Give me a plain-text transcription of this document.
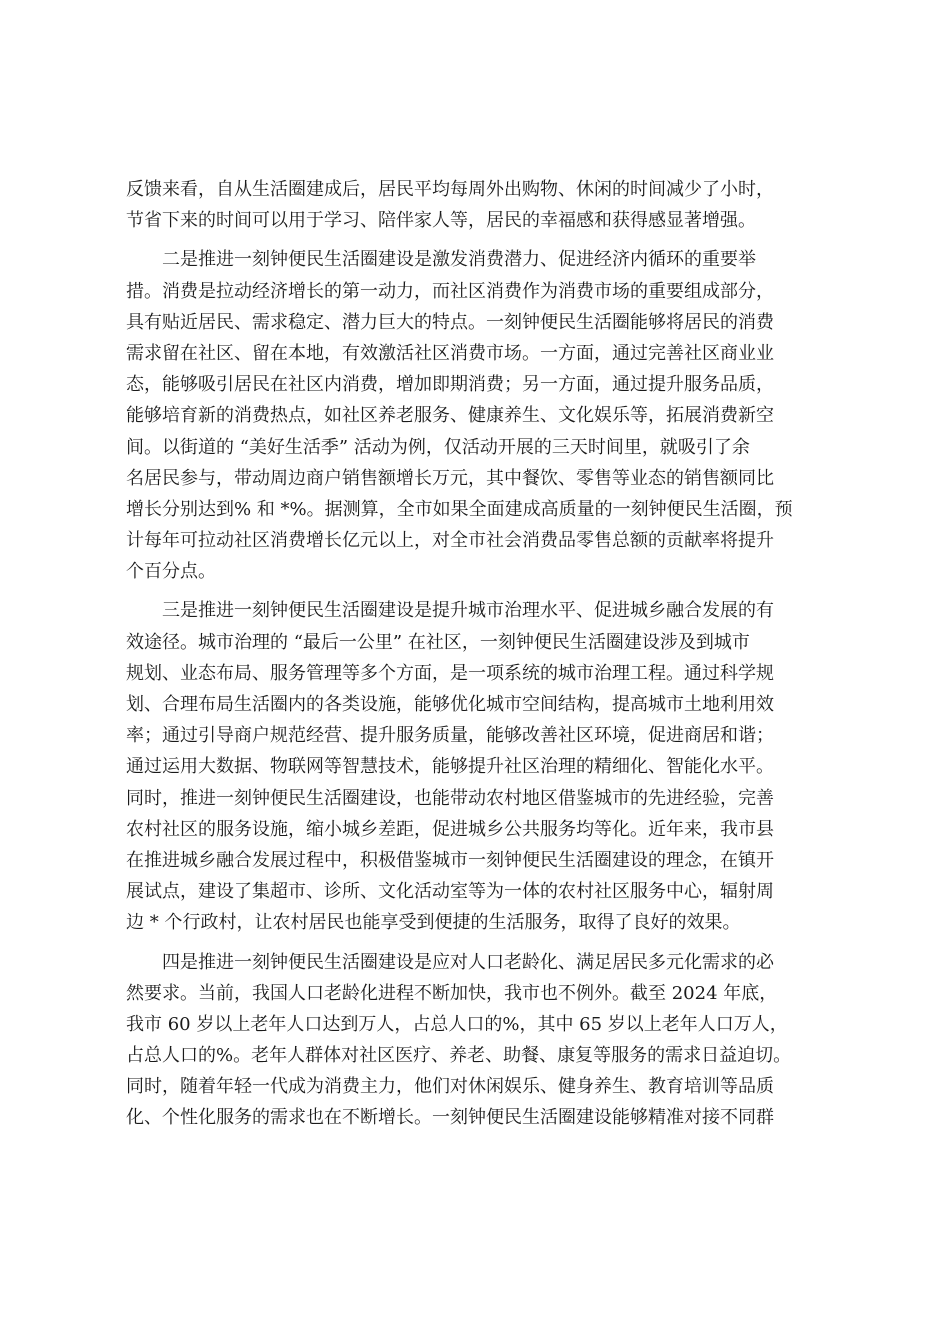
反馈来看，自从生活圈建成后，居民平均每周外出购物、休闲的时间减少了小时，
节省下来的时间可以用于学习、陪伴家人等，居民的幸福感和获得感显著增强。
二是推进一刻钟便民生活圈建设是激发消费潜力、促进经济内循环的重要举
措。消费是拉动经济增长的第一动力，而社区消费作为消费市场的重要组成部分，
具有贴近居民、需求稳定、潜力巨大的特点。一刻钟便民生活圈能够将居民的消费
需求留在社区、留在本地，有效激活社区消费市场。一方面，通过完善社区商业业
态，能够吸引居民在社区内消费，增加即期消费；另一方面，通过提升服务品质，
能够培育新的消费热点，如社区养老服务、健康养生、文化娱乐等，拓展消费新空
间。以街道的 “美好生活季” 活动为例，仅活动开展的三天时间里，就吸引了余
名居民参与，带动周边商户销售额增长万元，其中餐饮、零售等业态的销售额同比
增长分别达到% 和 *%。据测算，全市如果全面建成高质量的一刻钟便民生活圈，预
计每年可拉动社区消费增长亿元以上，对全市社会消费品零售总额的贡献率将提升
个百分点。
三是推进一刻钟便民生活圈建设是提升城市治理水平、促进城乡融合发展的有
效途径。城市治理的 “最后一公里” 在社区，一刻钟便民生活圈建设涉及到城市
规划、业态布局、服务管理等多个方面，是一项系统的城市治理工程。通过科学规
划、合理布局生活圈内的各类设施，能够优化城市空间结构，提高城市土地利用效
率；通过引导商户规范经营、提升服务质量，能够改善社区环境，促进商居和谐；
通过运用大数据、物联网等智慧技术，能够提升社区治理的精细化、智能化水平。
同时，推进一刻钟便民生活圈建设，也能带动农村地区借鉴城市的先进经验，完善
农村社区的服务设施，缩小城乡差距，促进城乡公共服务均等化。近年来，我市县
在推进城乡融合发展过程中，积极借鉴城市一刻钟便民生活圈建设的理念，在镇开
展试点，建设了集超市、诊所、文化活动室等为一体的农村社区服务中心，辐射周
边 * 个行政村，让农村居民也能享受到便捷的生活服务，取得了良好的效果。
四是推进一刻钟便民生活圈建设是应对人口老龄化、满足居民多元化需求的必
然要求。当前，我国人口老龄化进程不断加快，我市也不例外。截至 2024 年底，
我市 60 岁以上老年人口达到万人，占总人口的%，其中 65 岁以上老年人口万人，
占总人口的%。老年人群体对社区医疗、养老、助餐、康复等服务的需求日益迫切。
同时，随着年轻一代成为消费主力，他们对休闲娱乐、健身养生、教育培训等品质
化、个性化服务的需求也在不断增长。一刻钟便民生活圈建设能够精准对接不同群
